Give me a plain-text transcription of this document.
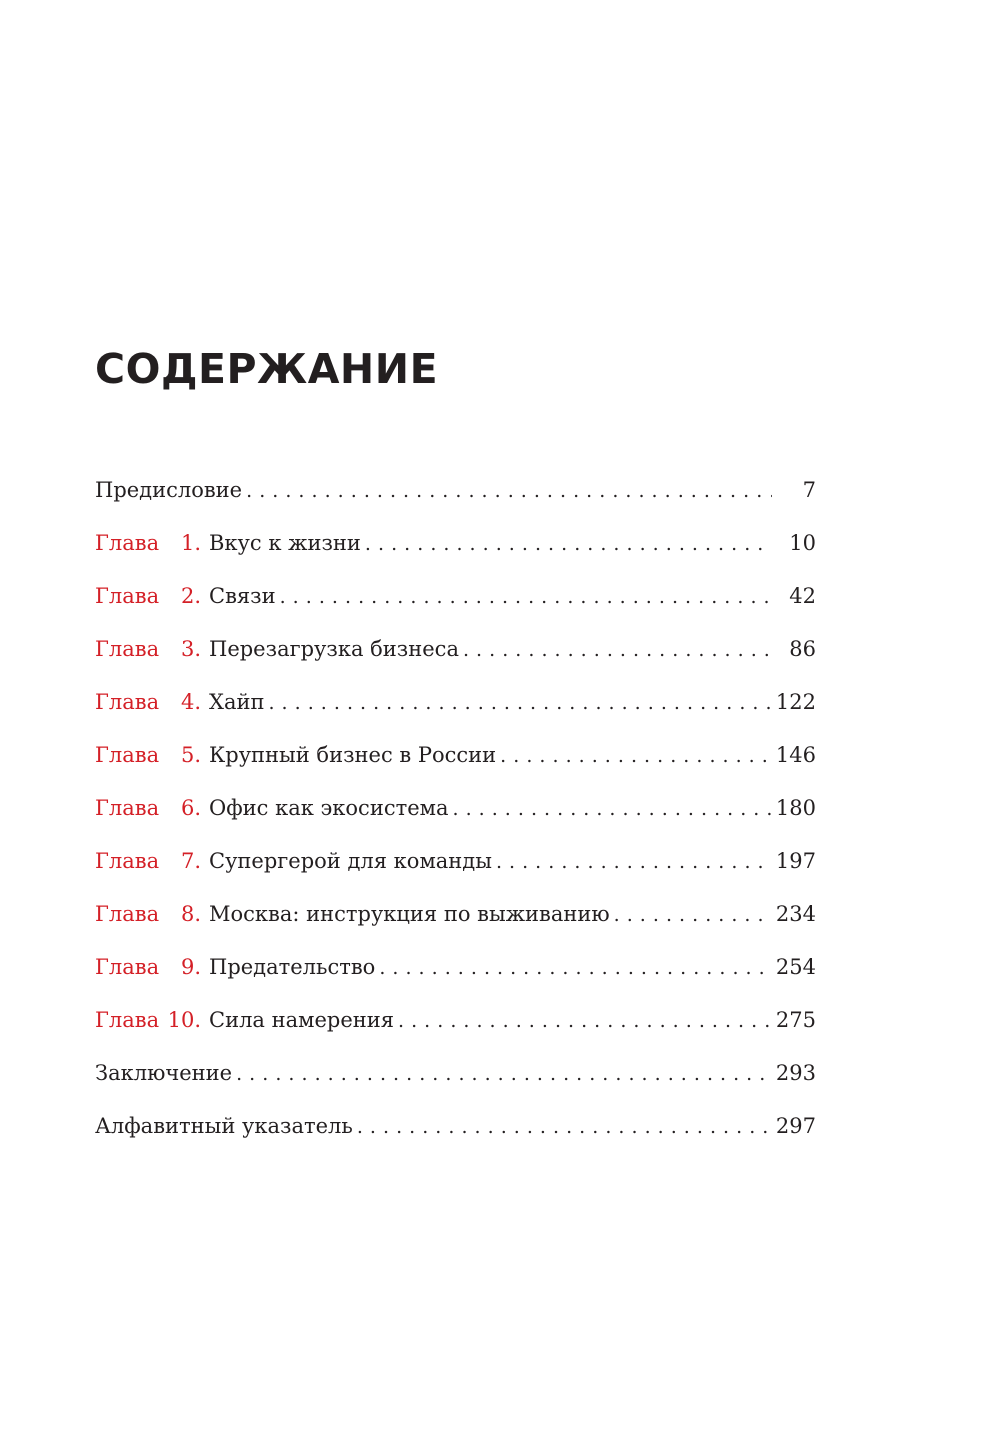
СОДЕРЖАНИЕ
Предисловие . . .	7
Глава	1. Вкус к жизни . . .	10
Глава	2. Связи . . .	42
Глава	3. Перезагрузка бизнеса . . .	86
Глава	4. Хайп . . .	122
Глава	5. Крупный бизнес в России . . .	146
Глава	6. Офис как экосистема . . .	180
Глава	7. Супергерой для команды . . .	197
Глава	8. Москва: инструкция по выживанию . . .	234
Глава	9. Предательство . . .	254
Глава 10. Сила намерения . . .	275
Заключение . . .	293
Алфавитный указатель . . .	297
